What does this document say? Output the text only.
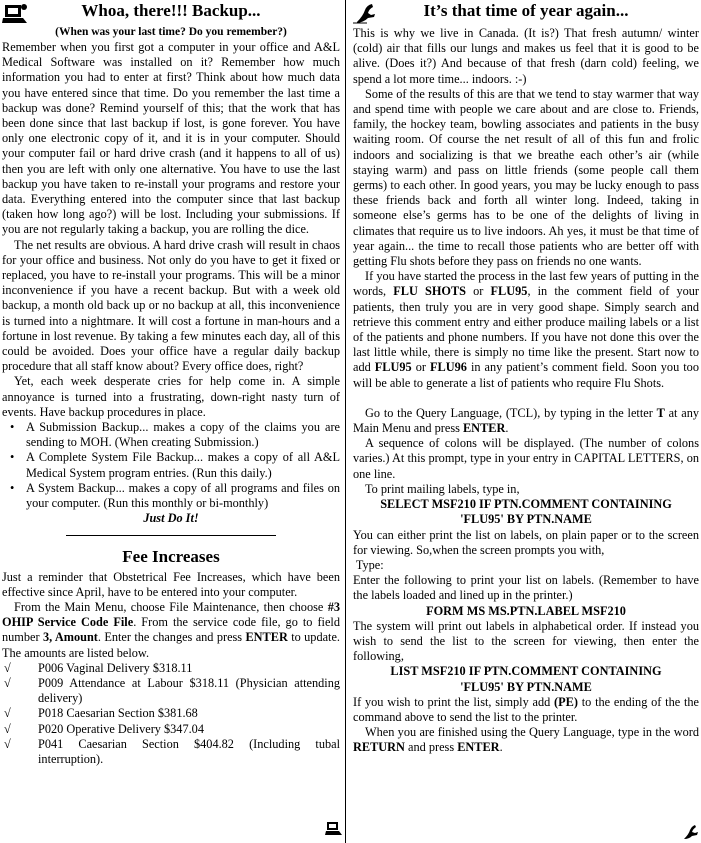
Whoa, there!!! Backup...
(When was your last time? Do you remember?)

Remember when you first got a computer in your office and A&L Medical Software was installed on it? Remember how much information you had to enter at first? Think about how much data you have entered since that time. Do you remember the last time a backup was done? Remind yourself of this; that the work that has been done since that last backup if lost, is gone forever. You have only one electronic copy of it, and it is in your computer. Should your computer fail or hard drive crash (and it happens to all of us) then you are left with only one alternative. You have to use the last backup you have taken to re-install your programs and restore your data. Everything entered into the computer since that last backup (taken how long ago?) will be lost. Including your submissions. If you are not regularly taking a backup, you are rolling the dice.

The net results are obvious. A hard drive crash will result in chaos for your office and business. Not only do you have to get it fixed or replaced, you have to re-install your programs. This will be a minor inconvenience if you have a recent backup. But with a week old backup, a month old back up or no backup at all, this inconvenience is turned into a nightmare. It will cost a fortune in man-hours and a fortune in lost revenue. By taking a few minutes each day, all of this could be avoided. Does your office have a regular daily backup procedure that all staff know about? Every office does, right?

Yet, each week desperate cries for help come in. A simple annoyance is turned into a frustrating, down-right nasty turn of events. Have backup procedures in place.

• A Submission Backup... makes a copy of the claims you are sending to MOH. (When creating Submission.)
• A Complete System File Backup... makes a copy of all A&L Medical System program entries. (Run this daily.)
• A System Backup... makes a copy of all programs and files on your computer. (Run this monthly or bi-monthly)
Just Do It!
Fee Increases

Just a reminder that Obstetrical Fee Increases, which have been effective since April, have to be entered into your computer.

From the Main Menu, choose File Maintenance, then choose #3 OHIP Service Code File. From the service code file, go to field number 3, Amount. Enter the changes and press ENTER to update. The amounts are listed below.

√	P006 Vaginal Delivery $318.11
√	P009 Attendance at Labour $318.11 (Physician attending delivery)
√	P018 Caesarian Section $381.68
√	P020 Operative Delivery $347.04
√	P041 Caesarian Section $404.82 (Including tubal interruption).
It’s that time of year again...

This is why we live in Canada. (It is?) That fresh autumn/ winter (cold) air that fills our lungs and makes us feel that it is good to be alive. (Does it?) And because of that fresh (darn cold) feeling, we spend a lot more time... indoors. :-)

Some of the results of this are that we tend to stay warmer that way and spend time with people we care about and are close to. Friends, family, the hockey team, bowling associates and patients in the busy waiting room. Of course the net result of all of this fun and frolic indoors and socializing is that we breathe each other’s air (while staying warm) and pass on little friends (some people call them germs) to each other. In good years, you may be lucky enough to pass these friends back and forth all winter long. Indeed, taking in someone else’s germs has to be one of the delights of living in climates that require us to live indoors. Ah yes, it must be that time of year again... the time to recall those patients who are better off with getting Flu shots before they pass on friends no one wants.

If you have started the process in the last few years of putting in the words, FLU SHOTS or FLU95, in the comment field of your patients, then truly you are in very good shape. Simply search and retrieve this comment entry and either produce mailing labels or a list of the patients and phone numbers. If you have not done this over the last little while, there is simply no time like the present. Start now to add FLU95 or FLU96 in any patient’s comment field. Soon you too will be able to generate a list of patients who require Flu Shots.

Go to the Query Language, (TCL), by typing in the letter T at any Main Menu and press ENTER.

A sequence of colons will be displayed. (The number of colons varies.) At this prompt, type in your entry in CAPITAL LETTERS, on one line.

To print mailing labels, type in,

SELECT MSF210 IF PTN.COMMENT CONTAINING
'FLU95' BY PTN.NAME

You can either print the list on labels, on plain paper or to the screen for viewing. So,when the screen prompts you with,

Type:

Enter the following to print your list on labels. (Remember to have the labels loaded and lined up in the printer.)

FORM MS MS.PTN.LABEL MSF210

The system will print out labels in alphabetical order. If instead you wish to send the list to the screen for viewing, then enter the following,

LIST MSF210 IF PTN.COMMENT CONTAINING
'FLU95' BY PTN.NAME

If you wish to print the list, simply add (PE) to the ending of the the command above to send the list to the printer.

When you are finished using the Query Language, type in the word RETURN and press ENTER.
